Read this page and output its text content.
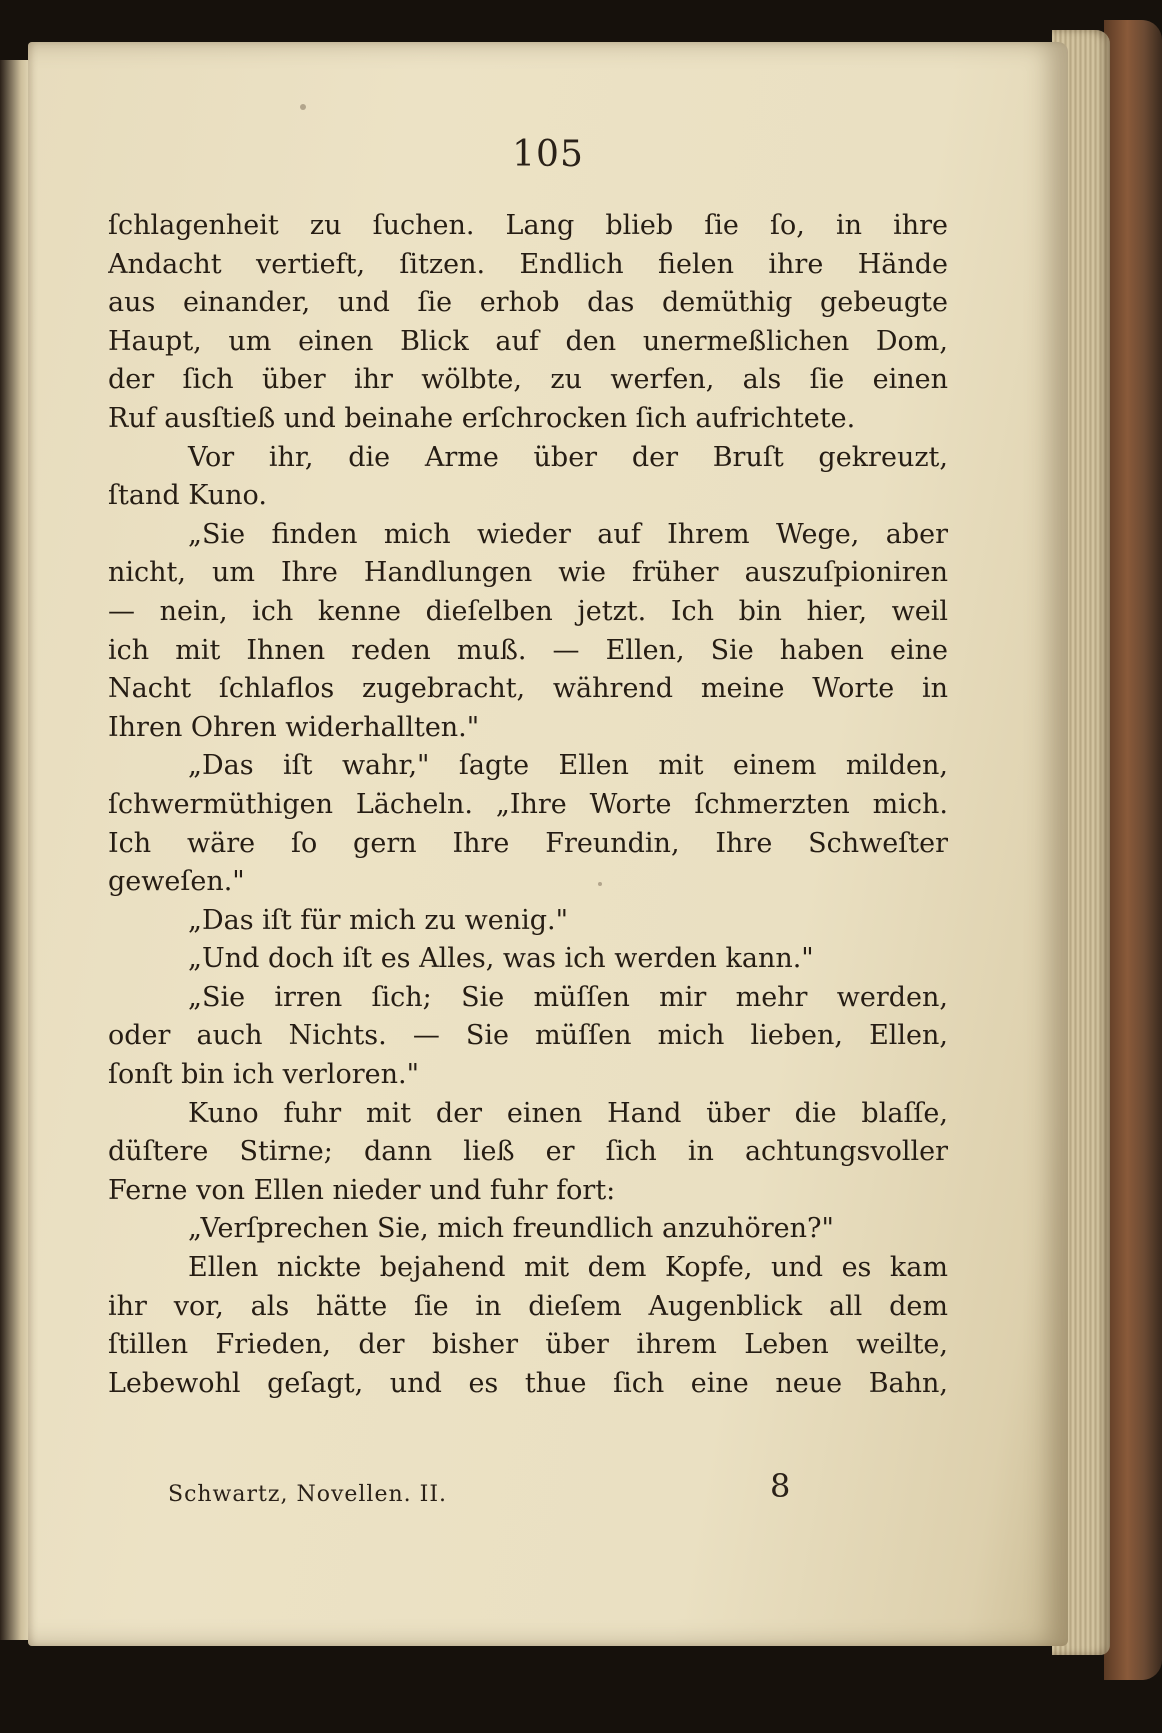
105
ſchlagenheit zu ſuchen. Lang blieb ſie ſo, in ihre
Andacht vertieft, ſitzen. Endlich fielen ihre Hände
aus einander, und ſie erhob das demüthig gebeugte
Haupt, um einen Blick auf den unermeßlichen Dom,
der ſich über ihr wölbte, zu werfen, als ſie einen
Ruf ausſtieß und beinahe erſchrocken ſich aufrichtete.
Vor ihr, die Arme über der Bruſt gekreuzt,
ſtand Kuno.
„Sie finden mich wieder auf Ihrem Wege, aber
nicht, um Ihre Handlungen wie früher auszuſpioniren
— nein, ich kenne dieſelben jetzt. Ich bin hier, weil
ich mit Ihnen reden muß. — Ellen, Sie haben eine
Nacht ſchlaflos zugebracht, während meine Worte in
Ihren Ohren widerhallten."
„Das iſt wahr," ſagte Ellen mit einem milden,
ſchwermüthigen Lächeln. „Ihre Worte ſchmerzten mich.
Ich wäre ſo gern Ihre Freundin, Ihre Schweſter
geweſen."
„Das iſt für mich zu wenig."
„Und doch iſt es Alles, was ich werden kann."
„Sie irren ſich; Sie müſſen mir mehr werden,
oder auch Nichts. — Sie müſſen mich lieben, Ellen,
ſonſt bin ich verloren."
Kuno fuhr mit der einen Hand über die blaſſe,
düſtere Stirne; dann ließ er ſich in achtungsvoller
Ferne von Ellen nieder und fuhr fort:
„Verſprechen Sie, mich freundlich anzuhören?"
Ellen nickte bejahend mit dem Kopfe, und es kam
ihr vor, als hätte ſie in dieſem Augenblick all dem
ſtillen Frieden, der bisher über ihrem Leben weilte,
Lebewohl geſagt, und es thue ſich eine neue Bahn,
Schwartz, Novellen. II.	8
